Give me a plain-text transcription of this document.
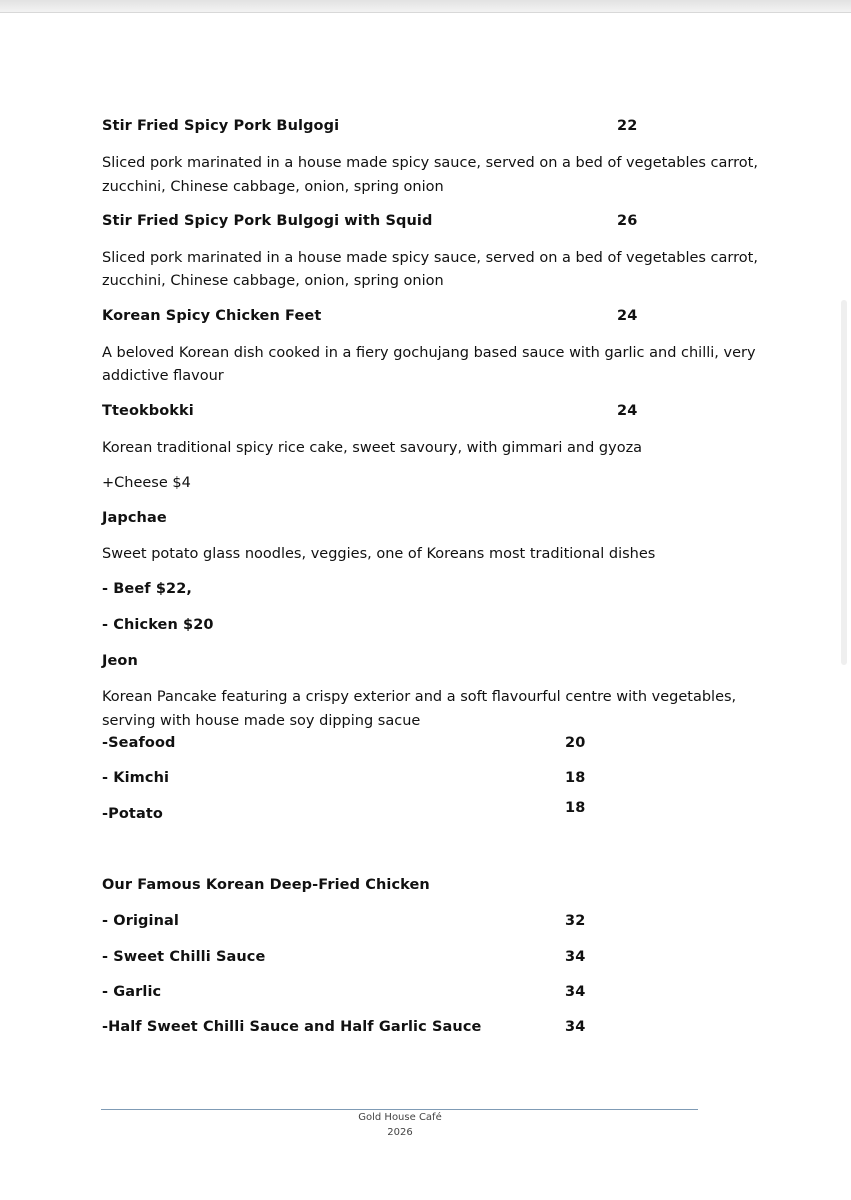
Stir Fried Spicy Pork Bulgogi	22
Sliced pork marinated in a house made spicy sauce, served on a bed of vegetables carrot,
zucchini, Chinese cabbage, onion, spring onion
Stir Fried Spicy Pork Bulgogi with Squid	26
Sliced pork marinated in a house made spicy sauce, served on a bed of vegetables carrot,
zucchini, Chinese cabbage, onion, spring onion
Korean Spicy Chicken Feet	24
A beloved Korean dish cooked in a fiery gochujang based sauce with garlic and chilli, very
addictive flavour
Tteokbokki	24
Korean traditional spicy rice cake, sweet savoury, with gimmari and gyoza
+Cheese $4
Japchae
Sweet potato glass noodles, veggies, one of Koreans most traditional dishes
- Beef $22,
- Chicken $20
Jeon
Korean Pancake featuring a crispy exterior and a soft flavourful centre with vegetables,
serving with house made soy dipping sacue
-Seafood	20
- Kimchi	18
-Potato	18
Our Famous Korean Deep-Fried Chicken
- Original	32
- Sweet Chilli Sauce	34
- Garlic	34
-Half Sweet Chilli Sauce and Half Garlic Sauce	34
Gold House Café
2026
